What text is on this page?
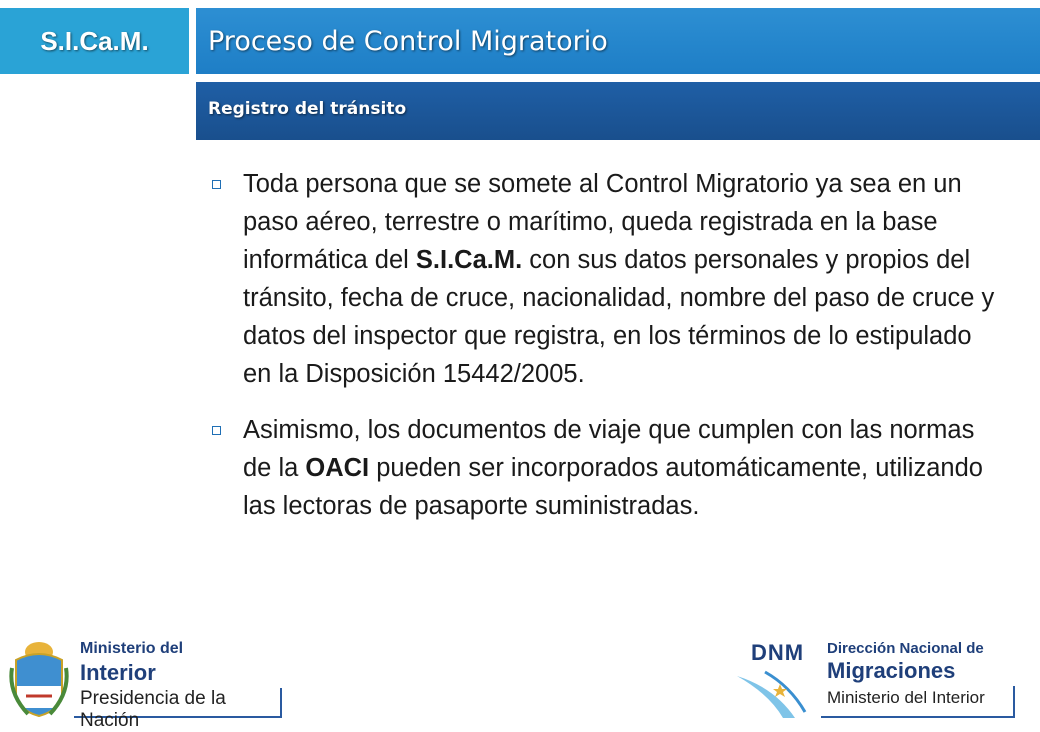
S.I.Ca.M.	Proceso de Control Migratorio
Registro del tránsito
Toda persona que se somete al Control Migratorio ya sea en un paso aéreo, terrestre o marítimo, queda registrada en la base informática del S.I.Ca.M. con sus datos personales y propios del tránsito, fecha de cruce, nacionalidad, nombre del paso de cruce y datos del inspector que registra, en los términos de lo estipulado en la Disposición 15442/2005.
Asimismo, los documentos de viaje que cumplen con las normas de la OACI pueden ser incorporados automáticamente, utilizando las lectoras de pasaporte suministradas.
Ministerio del
Interior
Presidencia de la Nación
DNM Dirección Nacional de
Migraciones
Ministerio del Interior
